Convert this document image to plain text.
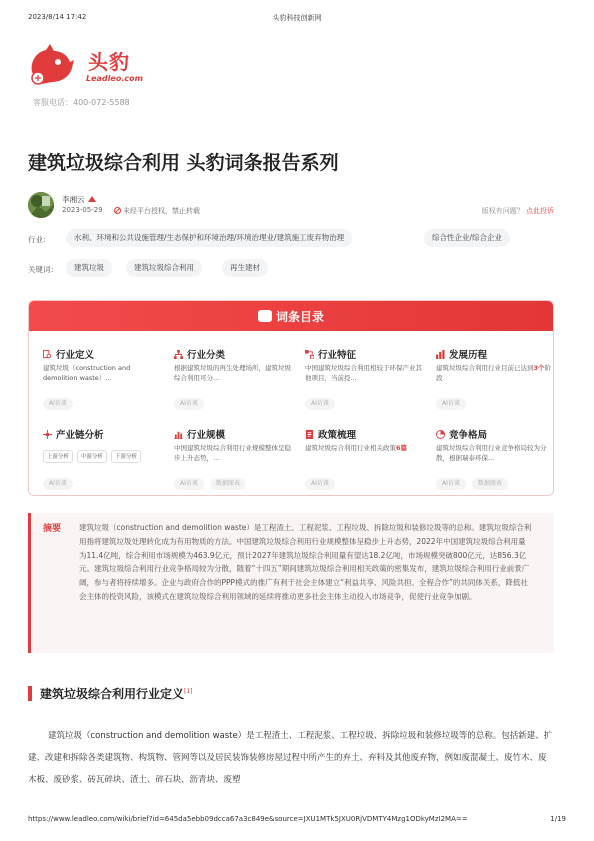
2023/8/14 17:42	头豹科技创新网
头豹
Leadleo.com
客服电话：400-072-5588
建筑垃圾综合利用 头豹词条报告系列
李湘云
2023-05-29	未经平台授权，禁止转载	版权有问题？ 点此投诉
行业：	水利、环境和公共设施管理/生态保护和环境治理/环境治理业/建筑施工废弃物治理	综合性企业/综合企业
关键词：	建筑垃圾	建筑垃圾综合利用	再生建材
词条目录
行业定义
建筑垃圾（construction and demolition waste）...
AI访谈
行业分类
根据建筑垃圾的再生处理场所，建筑垃圾综合利用可分...
AI访谈
行业特征
中国建筑垃圾综合利用相较于环保产业其他项目，当前投...
AI访谈
发展历程
建筑垃圾综合利用行业目前已达到3个阶段
AI访谈
产业链分析
上游分析 中游分析 下游分析
AI访谈
行业规模
中国建筑垃圾综合利用行业规模整体呈稳步上升态势，...
AI访谈	数据图表
政策梳理
建筑垃圾综合利用行业相关政策6篇
AI访谈
竞争格局
建筑垃圾综合利用行业竞争格局较为分散，根据瑞泰环保...
AI访谈	数据图表
摘要 建筑垃圾（construction and demolition waste）是工程渣土、工程泥浆、工程垃圾、拆除垃圾和装修垃圾等的总称。建筑垃圾综合利用指将建筑垃圾处理转化成为有用物质的方法。中国建筑垃圾综合利用行业规模整体呈稳步上升态势，2022年中国建筑垃圾综合利用量为11.4亿吨，综合利用市场规模为463.9亿元，预计2027年建筑垃圾综合利用量有望达18.2亿吨，市场规模突破800亿元，达856.3亿元。建筑垃圾综合利用行业竞争格局较为分散，随着“十四五”期间建筑垃圾综合利用相关政策的密集发布，建筑垃圾综合利用行业前景广阔，参与者将持续增多。企业与政府合作的PPP模式的推广有利于社会主体建立“利益共享、风险共担、全程合作”的共同体关系，降低社会主体的投资风险，该模式在建筑垃圾综合利用领域的延续将推动更多社会主体主动投入市场竞争，促使行业竞争加剧。
建筑垃圾综合利用行业定义[1]

建筑垃圾（construction and demolition waste）是工程渣土、工程泥浆、工程垃圾、拆除垃圾和装修垃圾等的总称。包括新建、扩建、改建和拆除各类建筑物、构筑物、管网等以及居民装饰装修房屋过程中所产生的弃土、弃料及其他废弃物，例如废混凝土、废竹木、废木板、废砂浆、砖瓦碎块、渣土、碎石块、沥青块、废塑

https://www.leadleo.com/wiki/brief?id=645da5ebb09dcca67a3c849e&source=JXU1MTk5JXU0RjVDMTY4Mzg1ODkyMzI2MA==	1/19
